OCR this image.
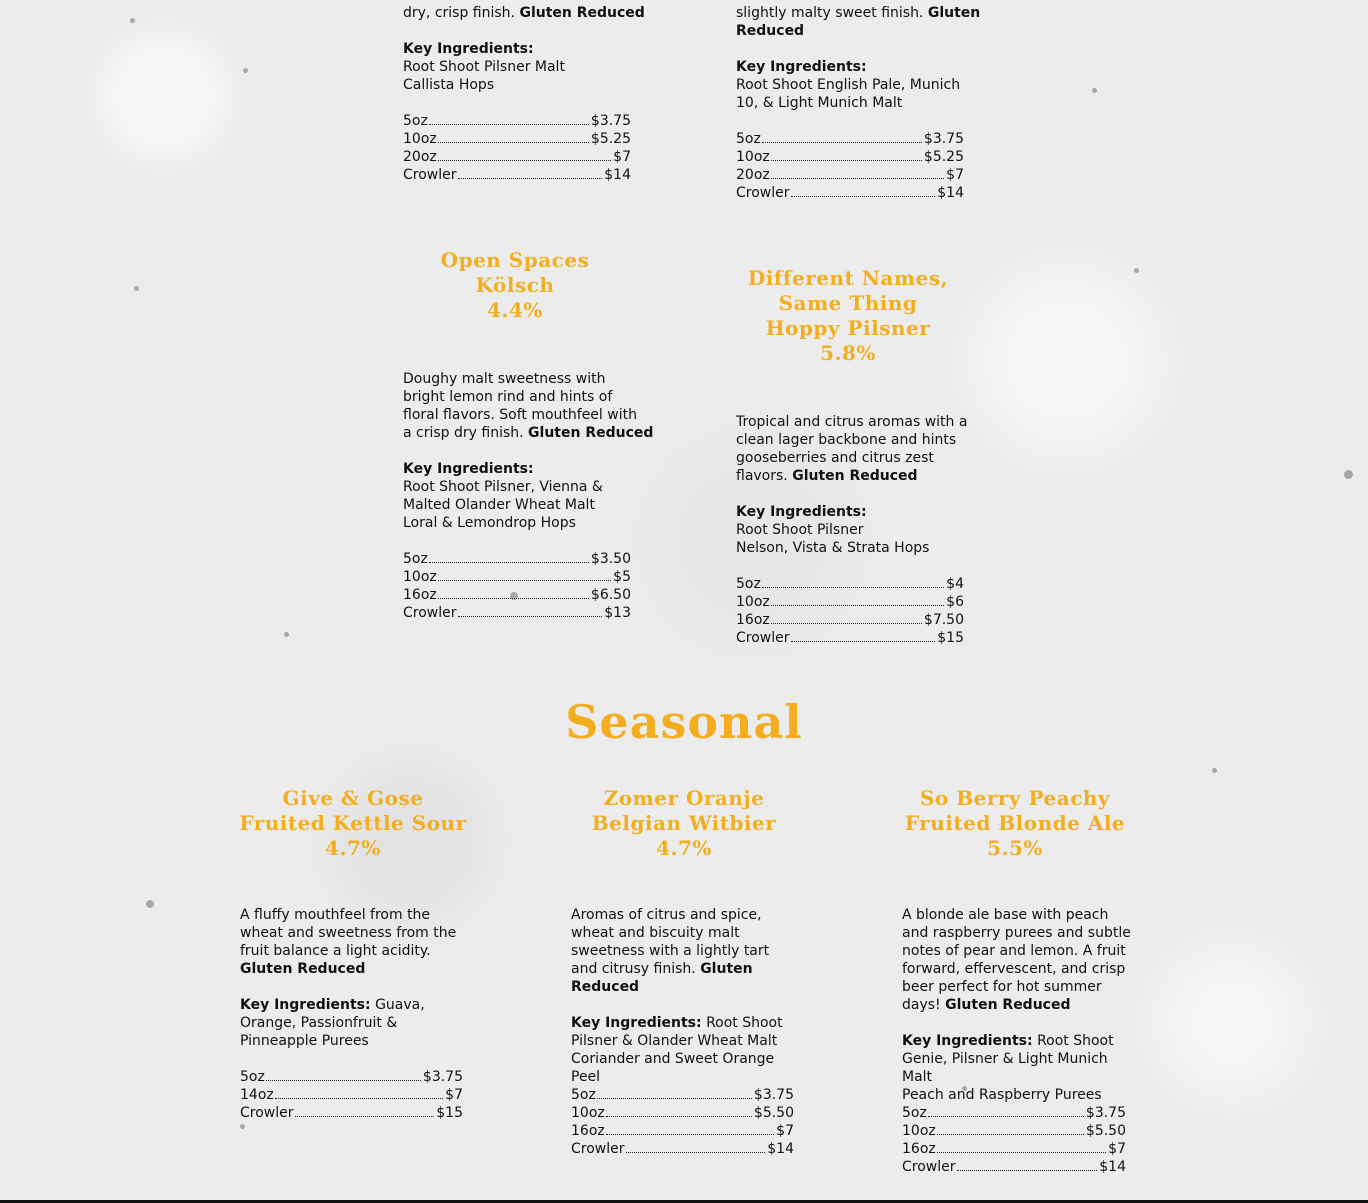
dry, crisp finish. Gluten Reduced
Key Ingredients:
Root Shoot Pilsner Malt
Callista Hops
5oz	$3.75
10oz	$5.25
20oz	$7
Crowler	$14
slightly malty sweet finish. Gluten
Reduced
Key Ingredients:
Root Shoot English Pale, Munich
10, & Light Munich Malt
5oz	$3.75
10oz	$5.25
20oz	$7
Crowler	$14
Open Spaces
Kölsch
4.4%
Doughy malt sweetness with
bright lemon rind and hints of
floral flavors. Soft mouthfeel with
a crisp dry finish. Gluten Reduced
Key Ingredients:
Root Shoot Pilsner, Vienna &
Malted Olander Wheat Malt
Loral & Lemondrop Hops
5oz	$3.50
10oz	$5
16oz	$6.50
Crowler	$13
Different Names,
Same Thing
Hoppy Pilsner
5.8%
Tropical and citrus aromas with a
clean lager backbone and hints
gooseberries and citrus zest
flavors. Gluten Reduced
Key Ingredients:
Root Shoot Pilsner
Nelson, Vista & Strata Hops
5oz	$4
10oz	$6
16oz	$7.50
Crowler	$15
Seasonal
Give & Gose
Fruited Kettle Sour
4.7%
A fluffy mouthfeel from the
wheat and sweetness from the
fruit balance a light acidity.
Gluten Reduced
Key Ingredients: Guava,
Orange, Passionfruit &
Pinneapple Purees
5oz	$3.75
14oz	$7
Crowler	$15
Zomer Oranje
Belgian Witbier
4.7%
Aromas of citrus and spice,
wheat and biscuity malt
sweetness with a lightly tart
and citrusy finish. Gluten
Reduced
Key Ingredients: Root Shoot
Pilsner & Olander Wheat Malt
Coriander and Sweet Orange
Peel
5oz	$3.75
10oz	$5.50
16oz	$7
Crowler	$14
So Berry Peachy
Fruited Blonde Ale
5.5%
A blonde ale base with peach
and raspberry purees and subtle
notes of pear and lemon. A fruit
forward, effervescent, and crisp
beer perfect for hot summer
days! Gluten Reduced
Key Ingredients: Root Shoot
Genie, Pilsner & Light Munich
Malt
Peach and Raspberry Purees
5oz	$3.75
10oz	$5.50
16oz	$7
Crowler	$14
